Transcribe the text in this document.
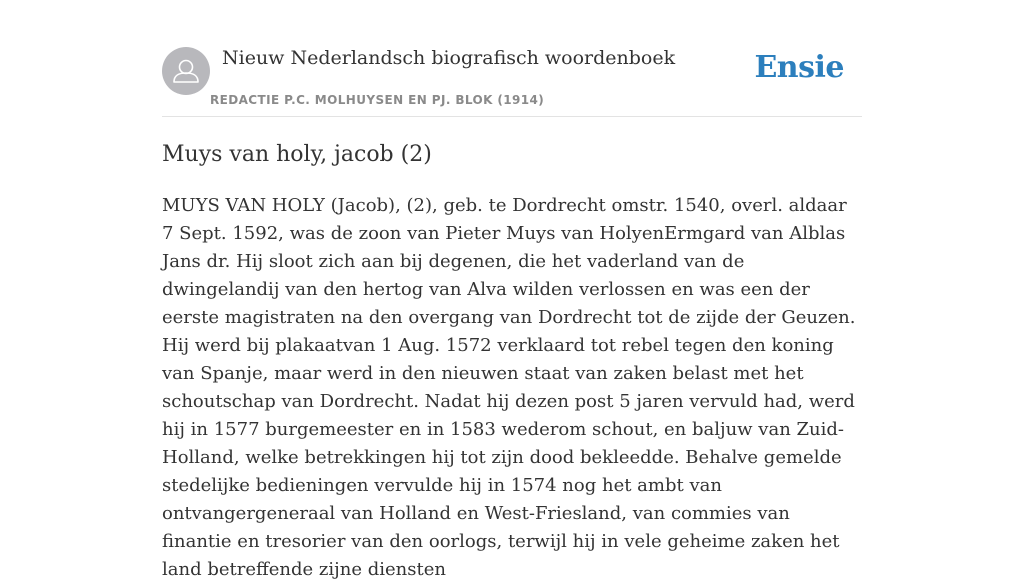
Nieuw Nederlandsch biografisch woordenboek
REDACTIE P.C. MOLHUYSEN EN PJ. BLOK (1914)
Ensie
Muys van holy, jacob (2)

MUYS VAN HOLY (Jacob), (2), geb. te Dordrecht omstr. 1540, overl. aldaar 7 Sept. 1592, was de zoon van Pieter Muys van HolyenErmgard van Alblas Jans dr. Hij sloot zich aan bij degenen, die het vaderland van de dwingelandij van den hertog van Alva wilden verlossen en was een der eerste magistraten na den overgang van Dordrecht tot de zijde der Geuzen. Hij werd bij plakaatvan 1 Aug. 1572 verklaard tot rebel tegen den koning van Spanje, maar werd in den nieuwen staat van zaken belast met het schoutschap van Dordrecht. Nadat hij dezen post 5 jaren vervuld had, werd hij in 1577 burgemeester en in 1583 wederom schout, en baljuw van Zuid-Holland, welke betrekkingen hij tot zijn dood bekleedde. Behalve gemelde stedelijke bedieningen vervulde hij in 1574 nog het ambt van ontvangergeneraal van Holland en West-Friesland, van commies van finantie en tresorier van den oorlogs, terwijl hij in vele geheime zaken het land betreffende zijne diensten
